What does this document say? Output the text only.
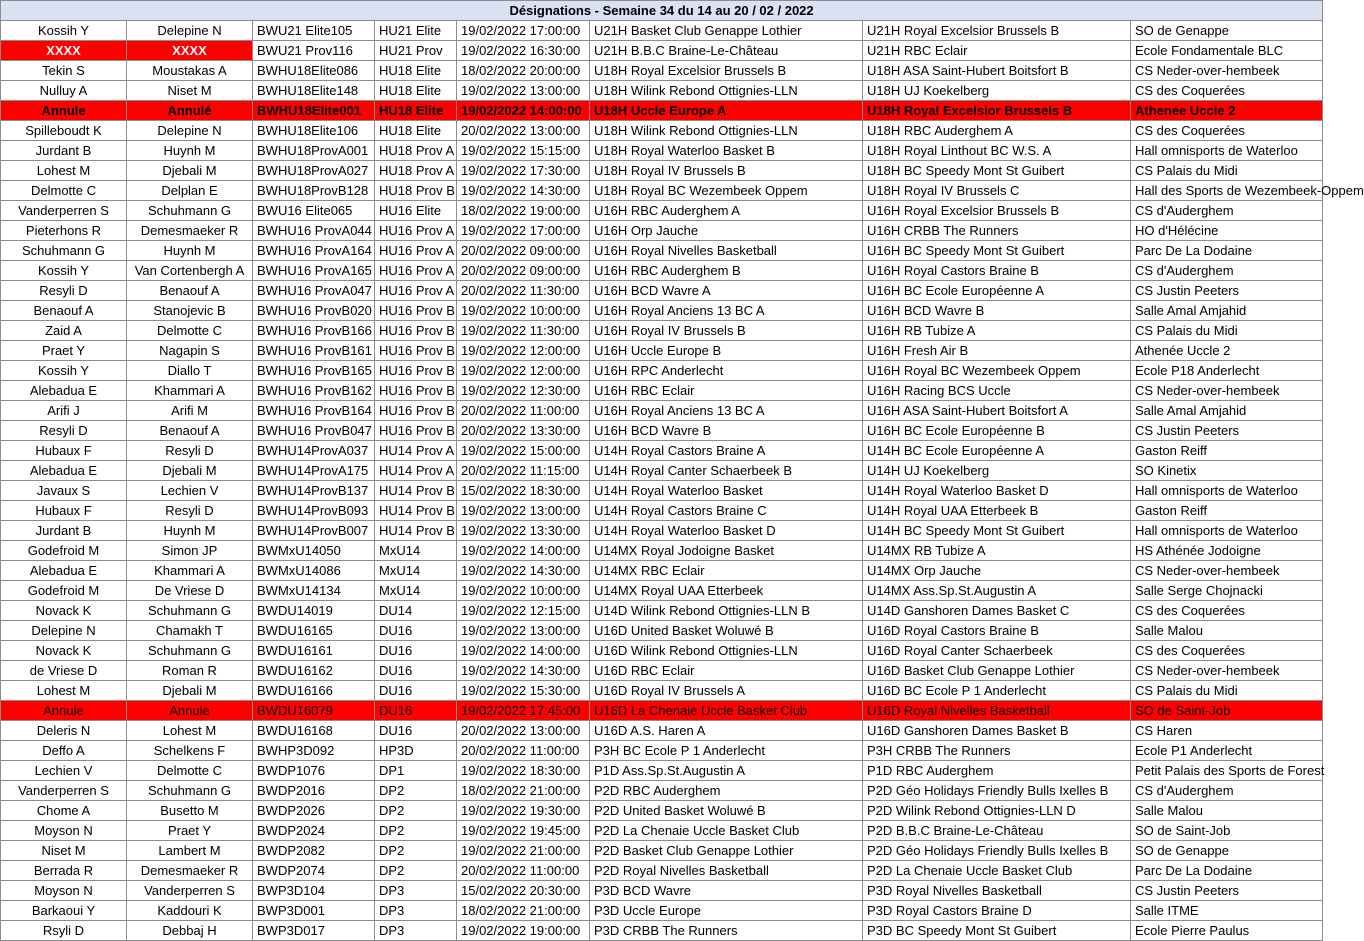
Désignations - Semaine 34 du 14 au 20 / 02 / 2022							
Kossih Y	Delepine N	BWU21 Elite105	HU21 Elite	19/02/2022 17:00:00	U21H Basket Club Genappe Lothier	U21H Royal Excelsior Brussels B	SO de Genappe
XXXX	XXXX	BWU21 Prov116	HU21 Prov	19/02/2022 16:30:00	U21H B.B.C Braine-Le-Château	U21H RBC Eclair	Ecole Fondamentale BLC
Tekin S	Moustakas A	BWHU18Elite086	HU18 Elite	18/02/2022 20:00:00	U18H Royal Excelsior Brussels B	U18H ASA Saint-Hubert Boitsfort B	CS Neder-over-hembeek
Nulluy A	Niset M	BWHU18Elite148	HU18 Elite	19/02/2022 13:00:00	U18H Wilink Rebond Ottignies-LLN	U18H UJ Koekelberg	CS des Coquerées
Annule	Annulé	BWHU18Elite001	HU18 Elite	19/02/2022 14:00:00	U18H Uccle Europe A	U18H Royal Excelsior Brussels B	Athenée Uccle 2
Spilleboudt K	Delepine N	BWHU18Elite106	HU18 Elite	20/02/2022 13:00:00	U18H Wilink Rebond Ottignies-LLN	U18H RBC Auderghem A	CS des Coquerées
Jurdant B	Huynh M	BWHU18ProvA001	HU18 Prov A	19/02/2022 15:15:00	U18H Royal Waterloo Basket B	U18H Royal Linthout BC W.S. A	Hall omnisports de Waterloo
Lohest M	Djebali M	BWHU18ProvA027	HU18 Prov A	19/02/2022 17:30:00	U18H Royal IV Brussels B	U18H BC Speedy Mont St Guibert	CS Palais du Midi
Delmotte C	Delplan E	BWHU18ProvB128	HU18 Prov B	19/02/2022 14:30:00	U18H Royal BC Wezembeek Oppem	U18H Royal IV Brussels C	Hall des Sports de Wezembeek-Oppem
Vanderperren S	Schuhmann G	BWU16 Elite065	HU16 Elite	18/02/2022 19:00:00	U16H RBC Auderghem A	U16H Royal Excelsior Brussels B	CS d'Auderghem
Pieterhons R	Demesmaeker R	BWHU16 ProvA044	HU16 Prov A	19/02/2022 17:00:00	U16H Orp Jauche	U16H CRBB The Runners	HO d'Hélécine
Schuhmann G	Huynh M	BWHU16 ProvA164	HU16 Prov A	20/02/2022 09:00:00	U16H Royal Nivelles Basketball	U16H BC Speedy Mont St Guibert	Parc De La Dodaine
Kossih Y	Van Cortenbergh A	BWHU16 ProvA165	HU16 Prov A	20/02/2022 09:00:00	U16H RBC Auderghem B	U16H Royal Castors Braine B	CS d'Auderghem
Resyli D	Benaouf A	BWHU16 ProvA047	HU16 Prov A	20/02/2022 11:30:00	U16H BCD Wavre A	U16H BC Ecole Européenne A	CS Justin Peeters
Benaouf A	Stanojevic B	BWHU16 ProvB020	HU16 Prov B	19/02/2022 10:00:00	U16H Royal Anciens 13 BC A	U16H BCD Wavre B	Salle Amal Amjahid
Zaid A	Delmotte C	BWHU16 ProvB166	HU16 Prov B	19/02/2022 11:30:00	U16H Royal IV Brussels B	U16H RB Tubize A	CS Palais du Midi
Praet Y	Nagapin S	BWHU16 ProvB161	HU16 Prov B	19/02/2022 12:00:00	U16H Uccle Europe B	U16H Fresh Air B	Athenée Uccle 2
Kossih Y	Diallo T	BWHU16 ProvB165	HU16 Prov B	19/02/2022 12:00:00	U16H RPC Anderlecht	U16H Royal BC Wezembeek Oppem	Ecole P18 Anderlecht
Alebadua E	Khammari A	BWHU16 ProvB162	HU16 Prov B	19/02/2022 12:30:00	U16H RBC Eclair	U16H Racing BCS Uccle	CS Neder-over-hembeek
Arifi J	Arifi M	BWHU16 ProvB164	HU16 Prov B	20/02/2022 11:00:00	U16H Royal Anciens 13 BC A	U16H ASA Saint-Hubert Boitsfort A	Salle Amal Amjahid
Resyli D	Benaouf A	BWHU16 ProvB047	HU16 Prov B	20/02/2022 13:30:00	U16H BCD Wavre B	U16H BC Ecole Européenne B	CS Justin Peeters
Hubaux F	Resyli D	BWHU14ProvA037	HU14 Prov A	19/02/2022 15:00:00	U14H Royal Castors Braine A	U14H BC Ecole Européenne A	Gaston Reiff
Alebadua E	Djebali M	BWHU14ProvA175	HU14 Prov A	20/02/2022 11:15:00	U14H Royal Canter Schaerbeek B	U14H UJ Koekelberg	SO Kinetix
Javaux S	Lechien V	BWHU14ProvB137	HU14 Prov B	15/02/2022 18:30:00	U14H Royal Waterloo Basket	U14H Royal Waterloo Basket D	Hall omnisports de Waterloo
Hubaux F	Resyli D	BWHU14ProvB093	HU14 Prov B	19/02/2022 13:00:00	U14H Royal Castors Braine C	U14H Royal UAA Etterbeek B	Gaston Reiff
Jurdant B	Huynh M	BWHU14ProvB007	HU14 Prov B	19/02/2022 13:30:00	U14H Royal Waterloo Basket D	U14H BC Speedy Mont St Guibert	Hall omnisports de Waterloo
Godefroid M	Simon JP	BWMxU14050	MxU14	19/02/2022 14:00:00	U14MX Royal Jodoigne Basket	U14MX RB Tubize A	HS Athénée Jodoigne
Alebadua E	Khammari A	BWMxU14086	MxU14	19/02/2022 14:30:00	U14MX RBC Eclair	U14MX Orp Jauche	CS Neder-over-hembeek
Godefroid M	De Vriese D	BWMxU14134	MxU14	19/02/2022 10:00:00	U14MX Royal UAA Etterbeek	U14MX Ass.Sp.St.Augustin A	Salle Serge Chojnacki
Novack K	Schuhmann G	BWDU14019	DU14	19/02/2022 12:15:00	U14D Wilink Rebond Ottignies-LLN B	U14D Ganshoren Dames Basket C	CS des Coquerées
Delepine N	Chamakh T	BWDU16165	DU16	19/02/2022 13:00:00	U16D United Basket Woluwé B	U16D Royal Castors Braine B	Salle Malou
Novack K	Schuhmann G	BWDU16161	DU16	19/02/2022 14:00:00	U16D Wilink Rebond Ottignies-LLN	U16D Royal Canter Schaerbeek	CS des Coquerées
de Vriese D	Roman R	BWDU16162	DU16	19/02/2022 14:30:00	U16D RBC Eclair	U16D Basket Club Genappe Lothier	CS Neder-over-hembeek
Lohest M	Djebali M	BWDU16166	DU16	19/02/2022 15:30:00	U16D Royal IV Brussels A	U16D BC Ecole P 1 Anderlecht	CS Palais du Midi
Annule	Annule	BWDU16079	DU16	19/02/2022 17:45:00	U16D La Chenaie Uccle Basket Club	U16D Royal Nivelles Basketball	SO de Saint-Job
Deleris N	Lohest M	BWDU16168	DU16	20/02/2022 13:00:00	U16D A.S. Haren A	U16D Ganshoren Dames Basket B	CS Haren
Deffo A	Schelkens F	BWHP3D092	HP3D	20/02/2022 11:00:00	P3H BC Ecole P 1 Anderlecht	P3H CRBB The Runners	Ecole P1 Anderlecht
Lechien V	Delmotte C	BWDP1076	DP1	19/02/2022 18:30:00	P1D Ass.Sp.St.Augustin A	P1D RBC Auderghem	Petit Palais des Sports de Forest
Vanderperren S	Schuhmann G	BWDP2016	DP2	18/02/2022 21:00:00	P2D RBC Auderghem	P2D Géo Holidays Friendly Bulls Ixelles B	CS d'Auderghem
Chome A	Busetto M	BWDP2026	DP2	19/02/2022 19:30:00	P2D United Basket Woluwé B	P2D Wilink Rebond Ottignies-LLN D	Salle Malou
Moyson N	Praet Y	BWDP2024	DP2	19/02/2022 19:45:00	P2D La Chenaie Uccle Basket Club	P2D B.B.C Braine-Le-Château	SO de Saint-Job
Niset M	Lambert M	BWDP2082	DP2	19/02/2022 21:00:00	P2D Basket Club Genappe Lothier	P2D Géo Holidays Friendly Bulls Ixelles B	SO de Genappe
Berrada R	Demesmaeker R	BWDP2074	DP2	20/02/2022 11:00:00	P2D Royal Nivelles Basketball	P2D La Chenaie Uccle Basket Club	Parc De La Dodaine
Moyson N	Vanderperren S	BWP3D104	DP3	15/02/2022 20:30:00	P3D BCD Wavre	P3D Royal Nivelles Basketball	CS Justin Peeters
Barkaoui Y	Kaddouri K	BWP3D001	DP3	18/02/2022 21:00:00	P3D Uccle Europe	P3D Royal Castors Braine D	Salle ITME
Rsyli D	Debbaj H	BWP3D017	DP3	19/02/2022 19:00:00	P3D CRBB The Runners	P3D BC Speedy Mont St Guibert	Ecole Pierre Paulus
